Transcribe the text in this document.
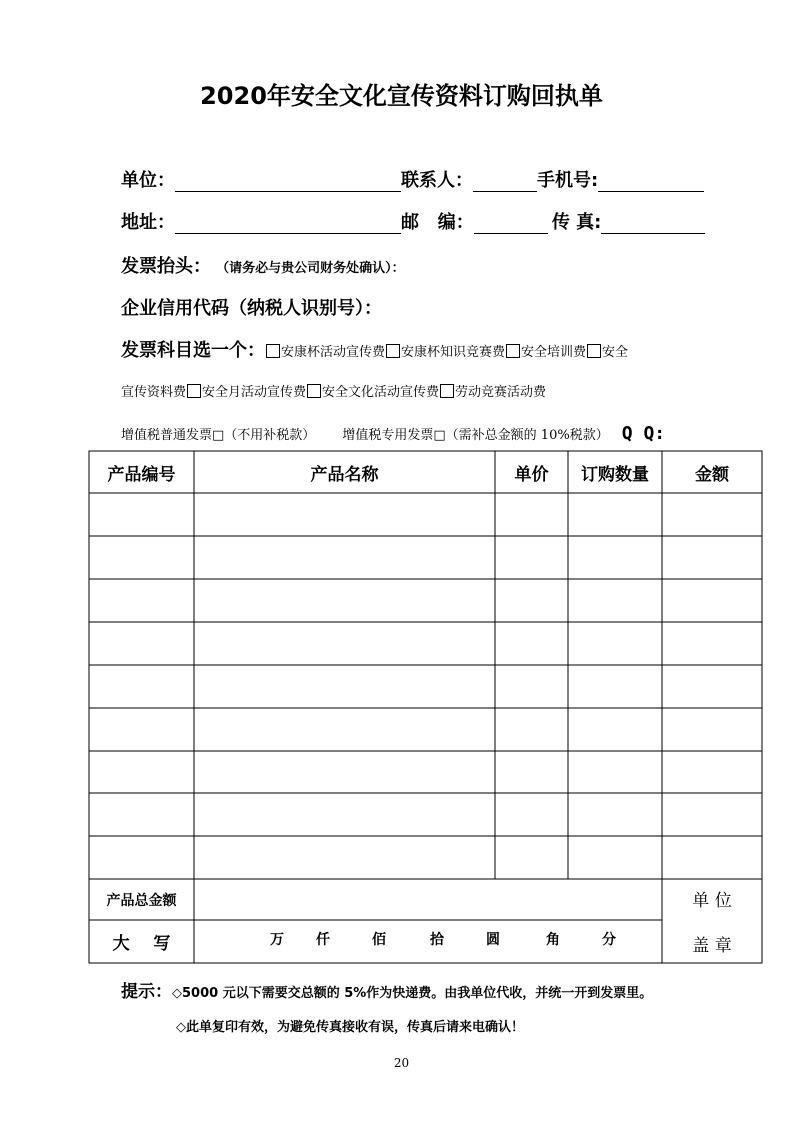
2020年安全文化宣传资料订购回执单
单位：	联系人：	手机号:
地址：	邮   编：	传 真:
发票抬头： （请务必与贵公司财务处确认）：
企业信用代码（纳税人识别号）：
发票科目选一个： 安康杯活动宣传费 安康杯知识竞赛费 安全培训费 安全
宣传资料费 安全月活动宣传费 安全文化活动宣传费 劳动竞赛活动费
增值税普通发票□（不用补税款） 增值税专用发票□（需补总金额的 10%税款） Q Q:
产品编号	产品名称	单价	订购数量	金额
产品总金额
大    写	万 仟	佰	拾	圆	角	分
单 位
盖 章
提示：◇5000 元以下需要交总额的 5%作为快递费。由我单位代收，并统一开到发票里。
◇此单复印有效，为避免传真接收有误，传真后请来电确认！
20
